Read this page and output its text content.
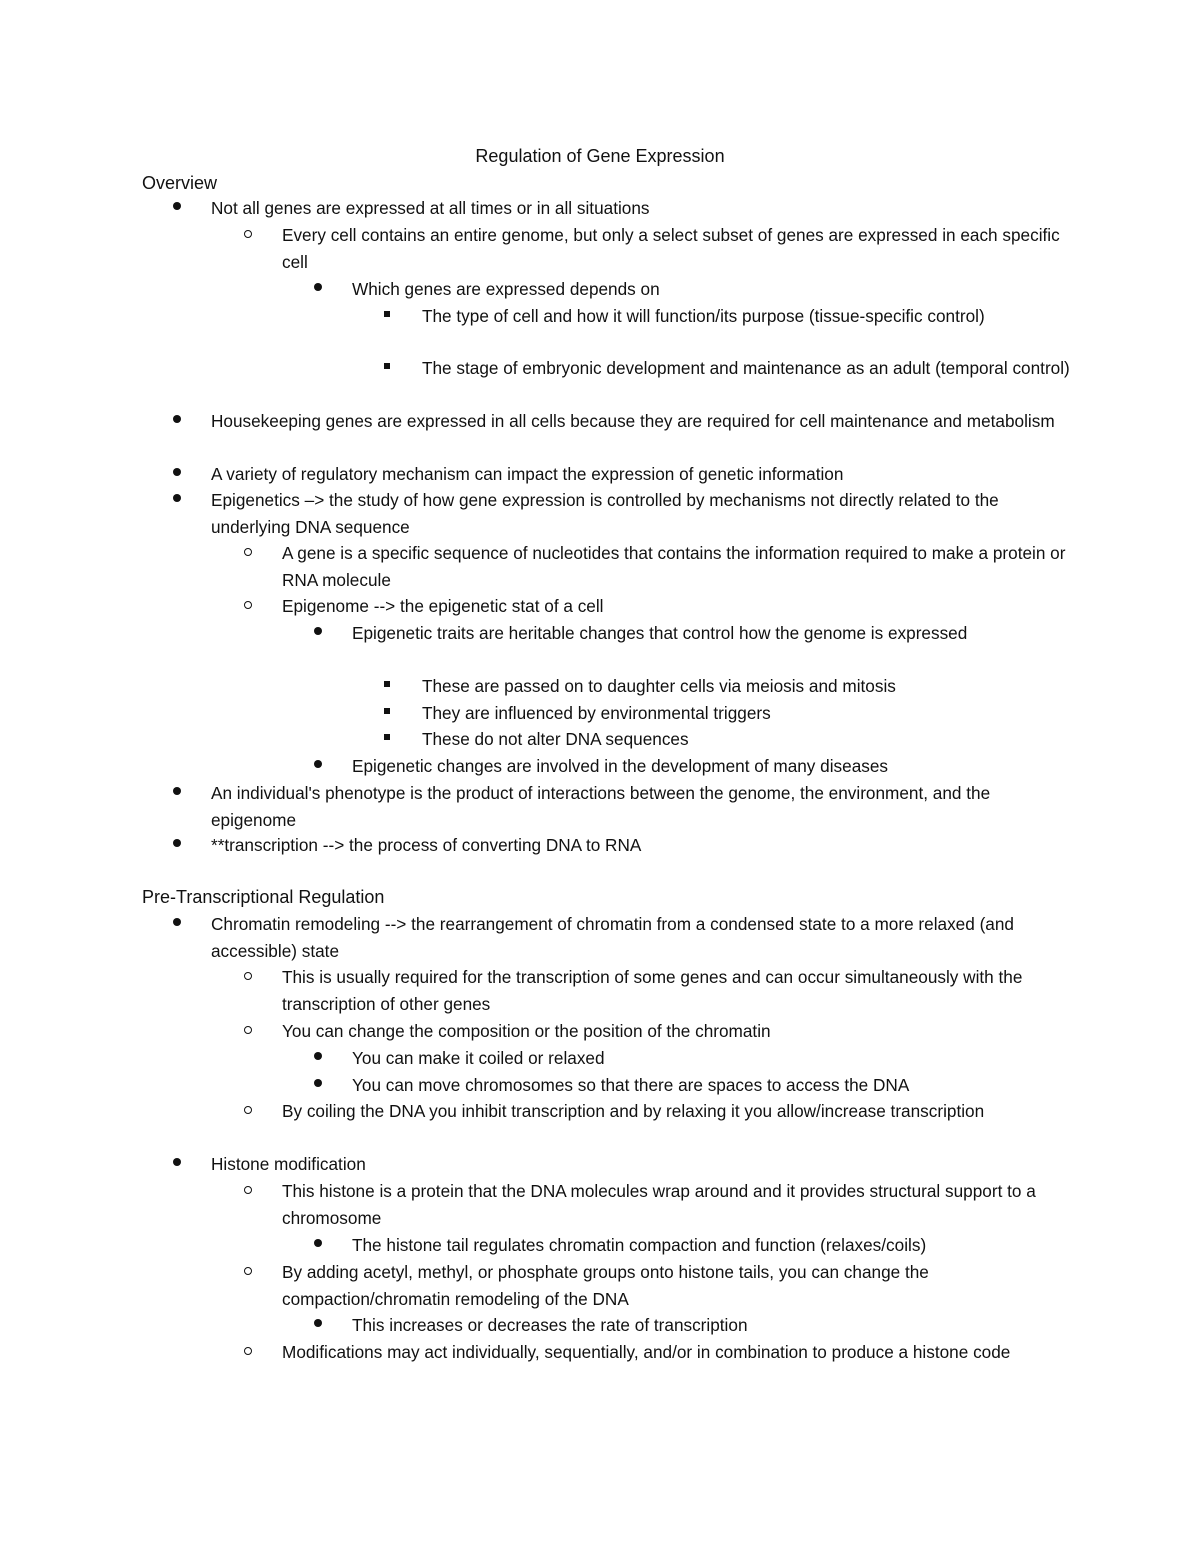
Regulation of Gene Expression
Overview
Not all genes are expressed at all times or in all situations
Every cell contains an entire genome, but only a select subset of genes are expressed in each specific cell
Which genes are expressed depends on
The type of cell and how it will function/its purpose (tissue-specific control)
The stage of embryonic development and maintenance as an adult (temporal control)
Housekeeping genes are expressed in all cells because they are required for cell maintenance and metabolism
A variety of regulatory mechanism can impact the expression of genetic information
Epigenetics –> the study of how gene expression is controlled by mechanisms not directly related to the underlying DNA sequence
A gene is a specific sequence of nucleotides that contains the information required to make a protein or RNA molecule
Epigenome --> the epigenetic stat of a cell
Epigenetic traits are heritable changes that control how the genome is expressed
These are passed on to daughter cells via meiosis and mitosis
They are influenced by environmental triggers
These do not alter DNA sequences
Epigenetic changes are involved in the development of many diseases
An individual's phenotype is the product of interactions between the genome, the environment, and the epigenome
**transcription --> the process of converting DNA to RNA
Pre-Transcriptional Regulation
Chromatin remodeling --> the rearrangement of chromatin from a condensed state to a more relaxed (and accessible) state
This is usually required for the transcription of some genes and can occur simultaneously with the transcription of other genes
You can change the composition or the position of the chromatin
You can make it coiled or relaxed
You can move chromosomes so that there are spaces to access the DNA
By coiling the DNA you inhibit transcription and by relaxing it you allow/increase transcription
Histone modification
This histone is a protein that the DNA molecules wrap around and it provides structural support to a chromosome
The histone tail regulates chromatin compaction and function (relaxes/coils)
By adding acetyl, methyl, or phosphate groups onto histone tails, you can change the compaction/chromatin remodeling of the DNA
This increases or decreases the rate of transcription
Modifications may act individually, sequentially, and/or in combination to produce a histone code
